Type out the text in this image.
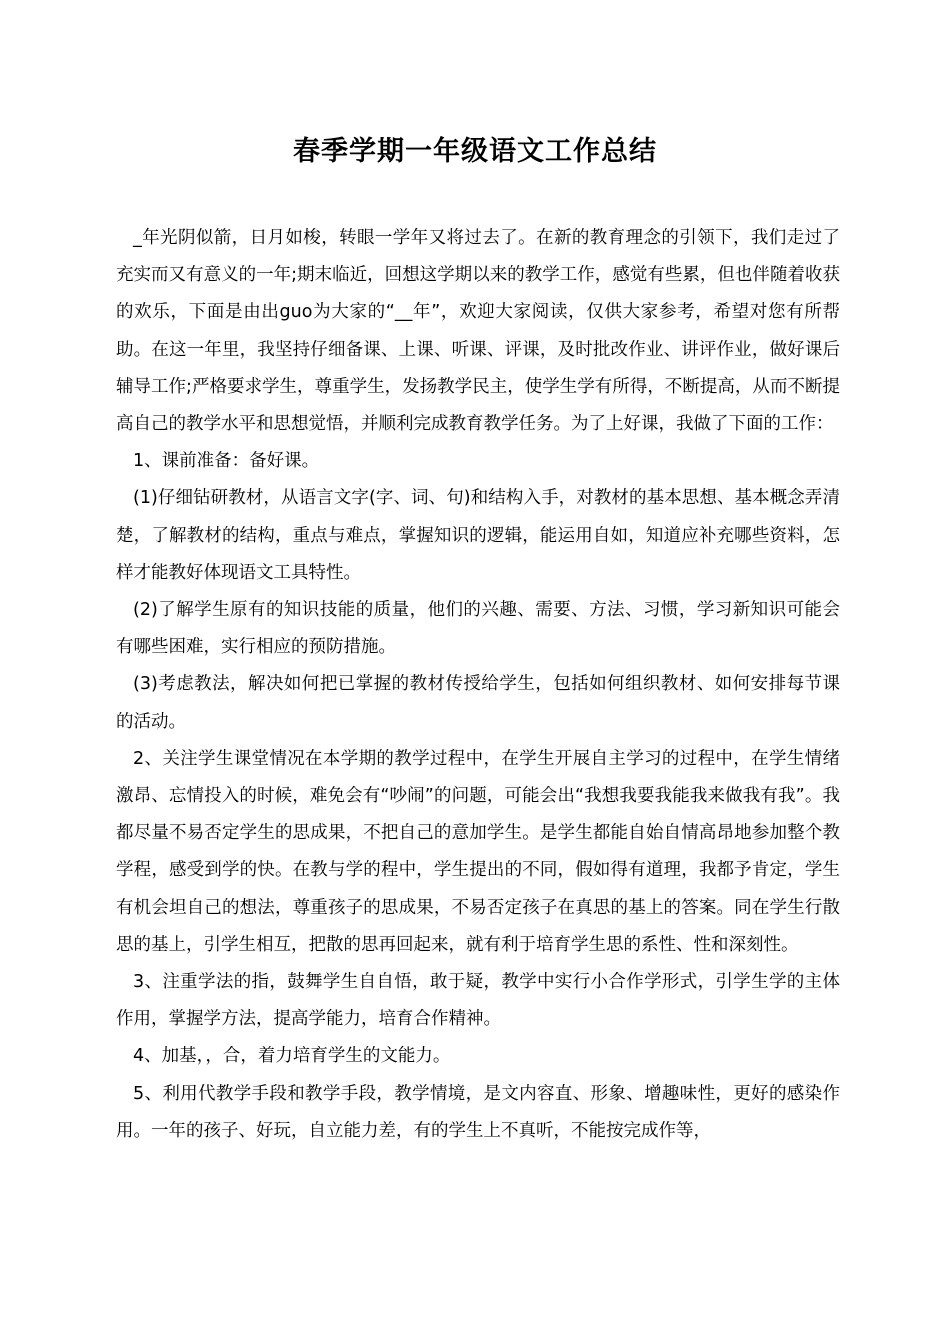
春季学期一年级语文工作总结

_年光阴似箭，日月如梭，转眼一学年又将过去了。在新的教育理念的引领下，我们走过了充实而又有意义的一年;期末临近，回想这学期以来的教学工作，感觉有些累，但也伴随着收获的欢乐，下面是由出guo为大家的“__年”，欢迎大家阅读，仅供大家参考，希望对您有所帮助。在这一年里，我坚持仔细备课、上课、听课、评课，及时批改作业、讲评作业，做好课后辅导工作;严格要求学生，尊重学生，发扬教学民主，使学生学有所得，不断提高，从而不断提高自己的教学水平和思想觉悟，并顺利完成教育教学任务。为了上好课，我做了下面的工作：

1、课前准备：备好课。

(1)仔细钻研教材，从语言文字(字、词、句)和结构入手，对教材的基本思想、基本概念弄清楚，了解教材的结构，重点与难点，掌握知识的逻辑，能运用自如，知道应补充哪些资料，怎样才能教好体现语文工具特性。

(2)了解学生原有的知识技能的质量，他们的兴趣、需要、方法、习惯，学习新知识可能会有哪些困难，实行相应的预防措施。

(3)考虑教法，解决如何把已掌握的教材传授给学生，包括如何组织教材、如何安排每节课的活动。

2、关注学生课堂情况在本学期的教学过程中，在学生开展自主学习的过程中，在学生情绪激昂、忘情投入的时候，难免会有“吵闹”的问题，可能会出“我想我要我能我来做我有我”。我都尽量不易否定学生的思成果，不把自己的意加学生。是学生都能自始自情高昂地参加整个教学程，感受到学的快。在教与学的程中，学生提出的不同，假如得有道理，我都予肯定，学生有机会坦自己的想法，尊重孩子的思成果，不易否定孩子在真思的基上的答案。同在学生行散思的基上，引学生相互，把散的思再回起来，就有利于培育学生思的系性、性和深刻性。

3、注重学法的指，鼓舞学生自自悟，敢于疑，教学中实行小合作学形式，引学生学的主体作用，掌握学方法，提高学能力，培育合作精神。

4、加基，，合，着力培育学生的文能力。

5、利用代教学手段和教学手段，教学情境，是文内容直、形象、增趣味性，更好的感染作用。一年的孩子、好玩，自立能力差，有的学生上不真听，不能按完成作等，
